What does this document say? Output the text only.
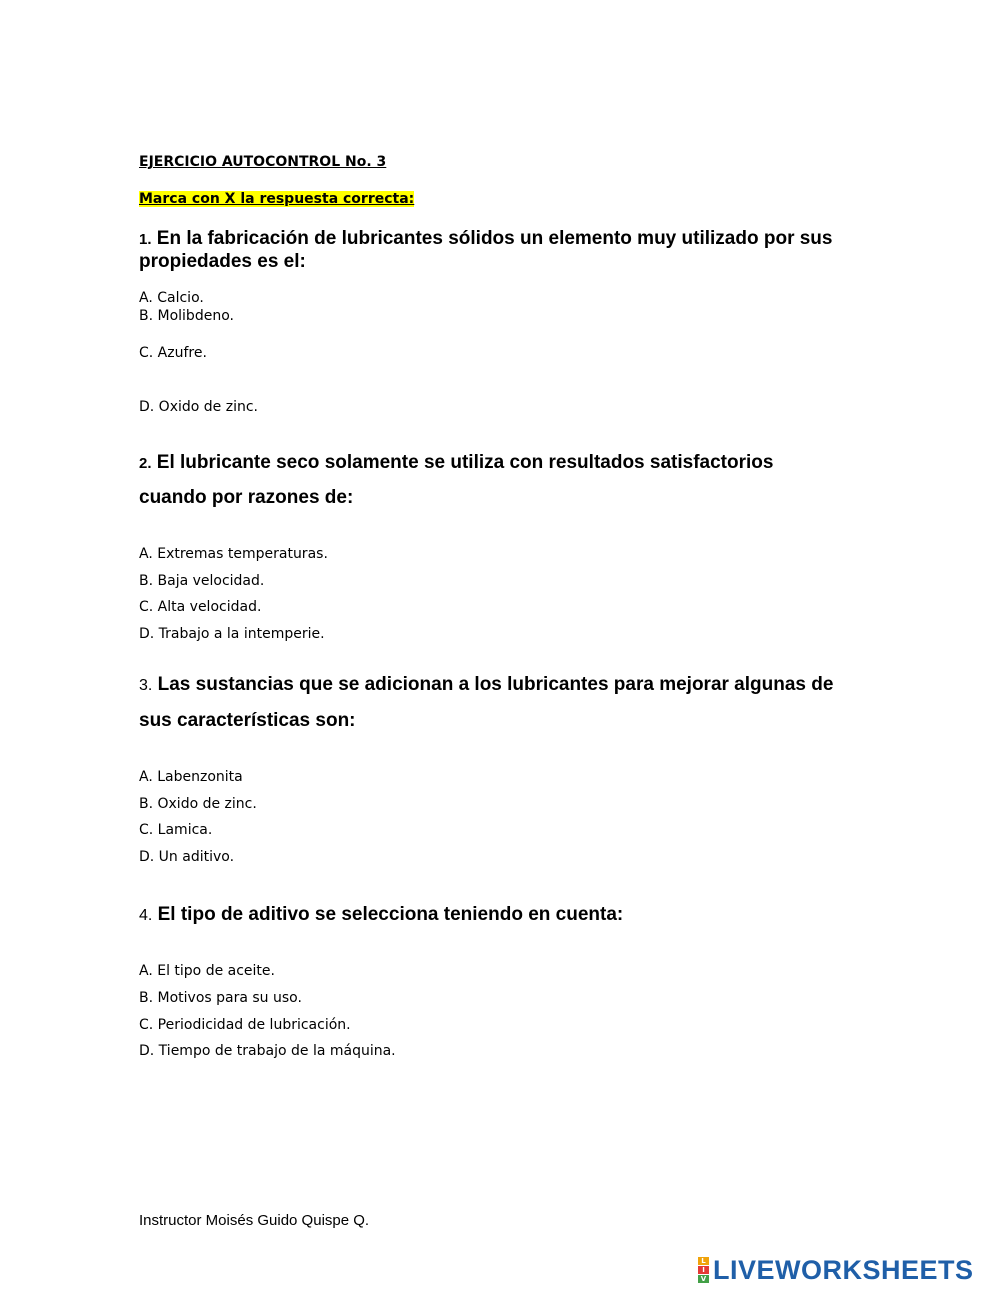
EJERCICIO AUTOCONTROL No. 3
Marca con X la respuesta correcta:
1. En la fabricación de lubricantes sólidos un elemento muy utilizado por sus
propiedades es el:
A. Calcio.
B. Molibdeno.
C. Azufre.
D. Oxido de zinc.
2. El lubricante seco solamente se utiliza con resultados satisfactorios
cuando por razones de:
A. Extremas temperaturas.
B. Baja velocidad.
C. Alta velocidad.
D. Trabajo a la intemperie.
3. Las sustancias que se adicionan a los lubricantes para mejorar algunas de
sus características son:
A. Labenzonita
B. Oxido de zinc.
C. Lamica.
D. Un aditivo.
4. El tipo de aditivo se selecciona teniendo en cuenta:
A. El tipo de aceite.
B. Motivos para su uso.
C. Periodicidad de lubricación.
D. Tiempo de trabajo de la máquina.
Instructor Moisés Guido Quispe Q.
L
I
V LIVEWORKSHEETS
